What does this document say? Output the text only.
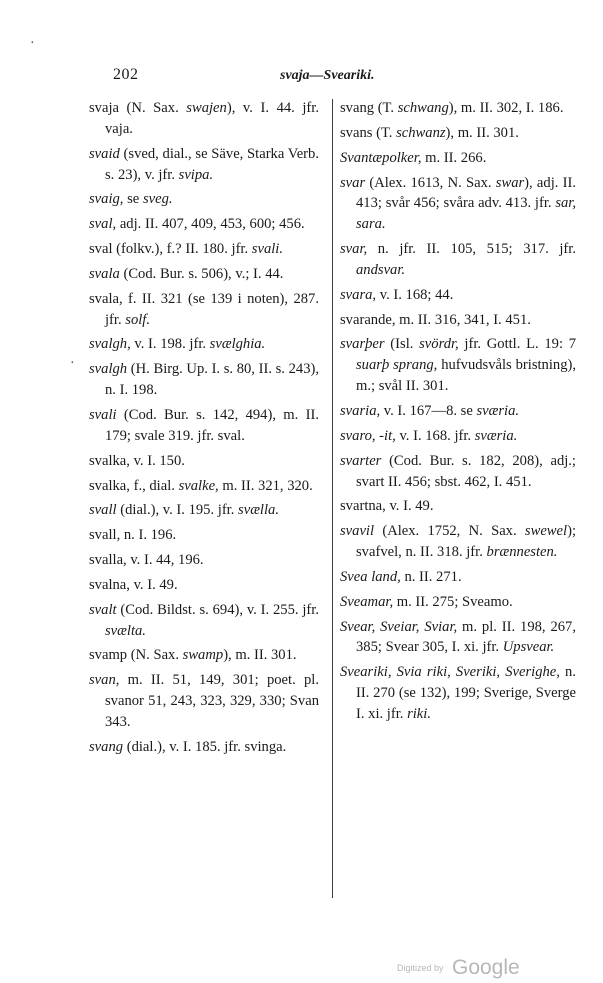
202	svaja—Sveariki.
svaja (N. Sax. swajen), v. I. 44. jfr. vaja.
svaid (sved, dial., se Säve, Starka Verb. s. 23), v. jfr. svipa.
svaig, se sveg.
sval, adj. II. 407, 409, 453, 600; 456.
sval (folkv.), f.? II. 180. jfr. svali.
svala (Cod. Bur. s. 506), v.; I. 44.
svala, f. II. 321 (se 139 i noten), 287. jfr. solf.
svalgh, v. I. 198. jfr. svælghia.
svalgh (H. Birg. Up. I. s. 80, II. s. 243), n. I. 198.
svali (Cod. Bur. s. 142, 494), m. II. 179; svale 319. jfr. sval.
svalka, v. I. 150.
svalka, f., dial. svalke, m. II. 321, 320.
svall (dial.), v. I. 195. jfr. svælla.
svall, n. I. 196.
svalla, v. I. 44, 196.
svalna, v. I. 49.
svalt (Cod. Bildst. s. 694), v. I. 255. jfr. svælta.
svamp (N. Sax. swamp), m. II. 301.
svan, m. II. 51, 149, 301; poet. pl. svanor 51, 243, 323, 329, 330; Svan 343.
svang (dial.), v. I. 185. jfr. svinga.
svang (T. schwang), m. II. 302, I. 186.
svans (T. schwanz), m. II. 301.
Svantæpolker, m. II. 266.
svar (Alex. 1613, N. Sax. swar), adj. II. 413; svår 456; svåra adv. 413. jfr. sar, sara.
svar, n. jfr. II. 105, 515; 317. jfr. andsvar.
svara, v. I. 168; 44.
svarande, m. II. 316, 341, I. 451.
svarþer (Isl. svördr, jfr. Gottl. L. 19: 7 suarþ sprang, hufvudsvåls bristning), m.; svål II. 301.
svaria, v. I. 167—8. se sværia.
svaro, -it, v. I. 168. jfr. sværia.
svarter (Cod. Bur. s. 182, 208), adj.; svart II. 456; sbst. 462, I. 451.
svartna, v. I. 49.
svavil (Alex. 1752, N. Sax. swewel); svafvel, n. II. 318. jfr. brænnesten.
Svea land, n. II. 271.
Sveamar, m. II. 275; Sveamo.
Svear, Sveiar, Sviar, m. pl. II. 198, 267, 385; Svear 305, I. xi. jfr. Upsvear.
Sveariki, Svia riki, Sveriki, Sverighe, n. II. 270 (se 132), 199; Sverige, Sverge I. xi. jfr. riki.
·
·
Digitized by Google
